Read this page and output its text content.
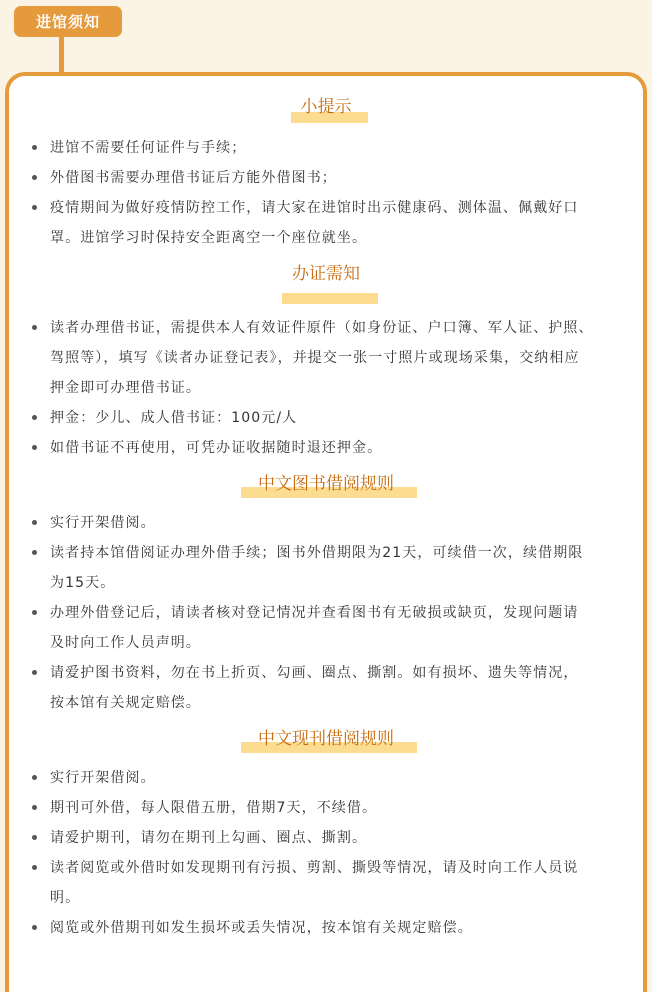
进馆须知
小提示
进馆不需要任何证件与手续；
外借图书需要办理借书证后方能外借图书；
疫情期间为做好疫情防控工作，请大家在进馆时出示健康码、测体温、佩戴好口
罩。进馆学习时保持安全距离空一个座位就坐。
办证需知
读者办理借书证，需提供本人有效证件原件（如身份证、户口簿、军人证、护照、
驾照等），填写《读者办证登记表》，并提交一张一寸照片或现场采集，交纳相应
押金即可办理借书证。
押金：少儿、成人借书证：100元/人
如借书证不再使用，可凭办证收据随时退还押金。
中文图书借阅规则
实行开架借阅。
读者持本馆借阅证办理外借手续；图书外借期限为21天，可续借一次，续借期限
为15天。
办理外借登记后，请读者核对登记情况并查看图书有无破损或缺页，发现问题请
及时向工作人员声明。
请爱护图书资料，勿在书上折页、勾画、圈点、撕割。如有损坏、遗失等情况，
按本馆有关规定赔偿。
中文现刊借阅规则
实行开架借阅。
期刊可外借，每人限借五册，借期7天，不续借。
请爱护期刊，请勿在期刊上勾画、圈点、撕割。
读者阅览或外借时如发现期刊有污损、剪割、撕毁等情况，请及时向工作人员说
明。
阅览或外借期刊如发生损坏或丢失情况，按本馆有关规定赔偿。
